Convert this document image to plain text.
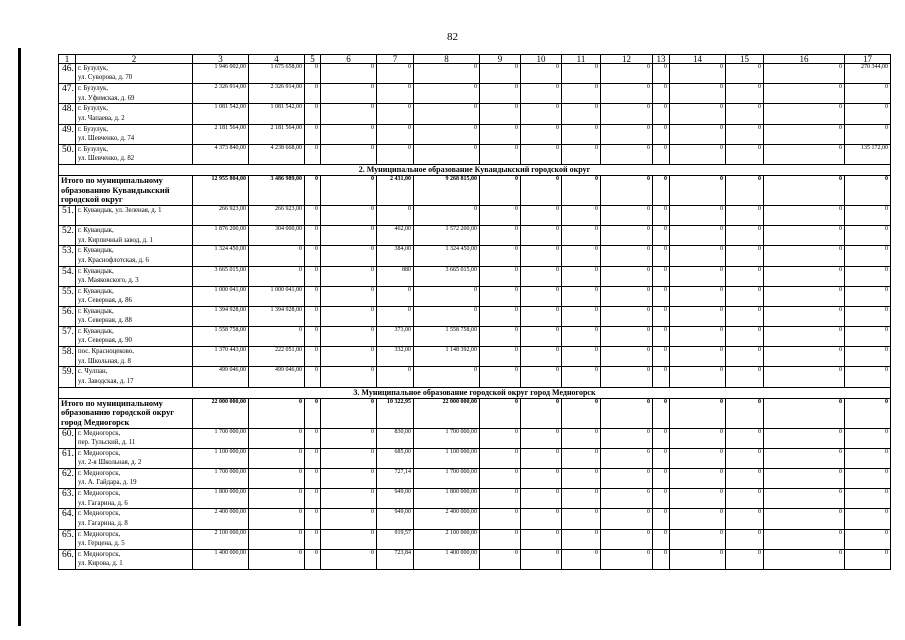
82
1	2	3	4	5	6	7	8	9	10	11	12	13	14	15	16	17
46.	г. Бузулук,
ул. Суворова, д. 70	1 946 002,00	1 675 658,00	0	0	0	0	0	0	0	0	0	0	0	0	270 344,00
47.	г. Бузулук,
ул. Уфимская, д. 69	2 326 914,00	2 326 914,00	0	0	0	0	0	0	0	0	0	0	0	0	0
48.	г. Бузулук,
ул. Чапаева, д. 2	1 081 542,00	1 081 542,00	0	0	0	0	0	0	0	0	0	0	0	0	0
49.	г. Бузулук,
ул. Шевченко, д. 74	2 181 564,00	2 181 564,00	0	0	0	0	0	0	0	0	0	0	0	0	0
50.	г. Бузулук,
ул. Шевченко, д. 82	4 373 840,00	4 238 668,00	0	0	0	0	0	0	0	0	0	0	0	0	135 172,00
2. Муниципальное образование Кувандыкский городской округ																
Итого по муниципальному образованию Кувандыкский городской округ		12 955 804,00	3 486 989,00	0	0	2 431,00	9 268 815,00	0	0	0	0	0	0	0	0	0
51.	г. Кувандык, ул. Зеленая, д. 1	266 923,00	266 923,00	0	0	0	0	0	0	0	0	0	0	0	0	0
52.	г. Кувандык,
ул. Кирпичный завод, д. 1	1 876 200,00	304 000,00	0	0	462,00	1 572 200,00	0	0	0	0	0	0	0	0	0
53.	г. Кувандык,
ул. Краснофлотская, д. 6	1 324 450,00	0	0	0	384,00	1 324 450,00	0	0	0	0	0	0	0	0	0
54.	г. Кувандык,
ул. Маяковского, д. 3	3 665 015,00	0	0	0	880	3 665 015,00	0	0	0	0	0	0	0	0	0
55.	г. Кувандык,
ул. Северная, д. 86	1 000 041,00	1 000 041,00	0	0	0	0	0	0	0	0	0	0	0	0	0
56.	г. Кувандык,
ул. Северная, д. 88	1 394 928,00	1 394 928,00	0	0	0	0	0	0	0	0	0	0	0	0	0
57.	г. Кувандык,
ул. Северная, д. 90	1 558 758,00	0	0	0	373,00	1 558 758,00	0	0	0	0	0	0	0	0	0
58.	пос. Красноцеково,
ул. Школьная, д. 8	1 370 443,00	222 051,00	0	0	332,00	1 148 392,00	0	0	0	0	0	0	0	0	0
59.	с. Чулпан,
ул. Заводская, д. 17	499 046,00	499 046,00	0	0	0	0	0	0	0	0	0	0	0	0	0
3. Муниципальное образование городской округ город Медногорск																
Итого по муниципальному образованию городской округ город Медногорск		22 000 000,00	0	0	0	10 322,95	22 000 000,00	0	0	0	0	0	0	0	0	0
60.	г. Медногорск,
пер. Тульский, д. 11	1 700 000,00	0	0	0	830,00	1 700 000,00	0	0	0	0	0	0	0	0	0
61.	г. Медногорск,
ул. 2-я Школьная, д. 2	1 100 000,00	0	0	0	685,00	1 100 000,00	0	0	0	0	0	0	0	0	0
62.	г. Медногорск,
ул. А. Гайдара, д. 19	1 700 000,00	0	0	0	727,14	1 700 000,00	0	0	0	0	0	0	0	0	0
63.	г. Медногорск,
ул. Гагарина, д. 6	1 800 000,00	0	0	0	949,00	1 800 000,00	0	0	0	0	0	0	0	0	0
64.	г. Медногорск,
ул. Гагарина, д. 8	2 400 000,00	0	0	0	949,00	2 400 000,00	0	0	0	0	0	0	0	0	0
65.	г. Медногорск,
ул. Герцена, д. 5	2 100 000,00	0	0	0	919,57	2 100 000,00	0	0	0	0	0	0	0	0	0
66.	г. Медногорск,
ул. Кирова, д. 1	1 400 000,00	0	0	0	723,84	1 400 000,00	0	0	0	0	0	0	0	0	0
